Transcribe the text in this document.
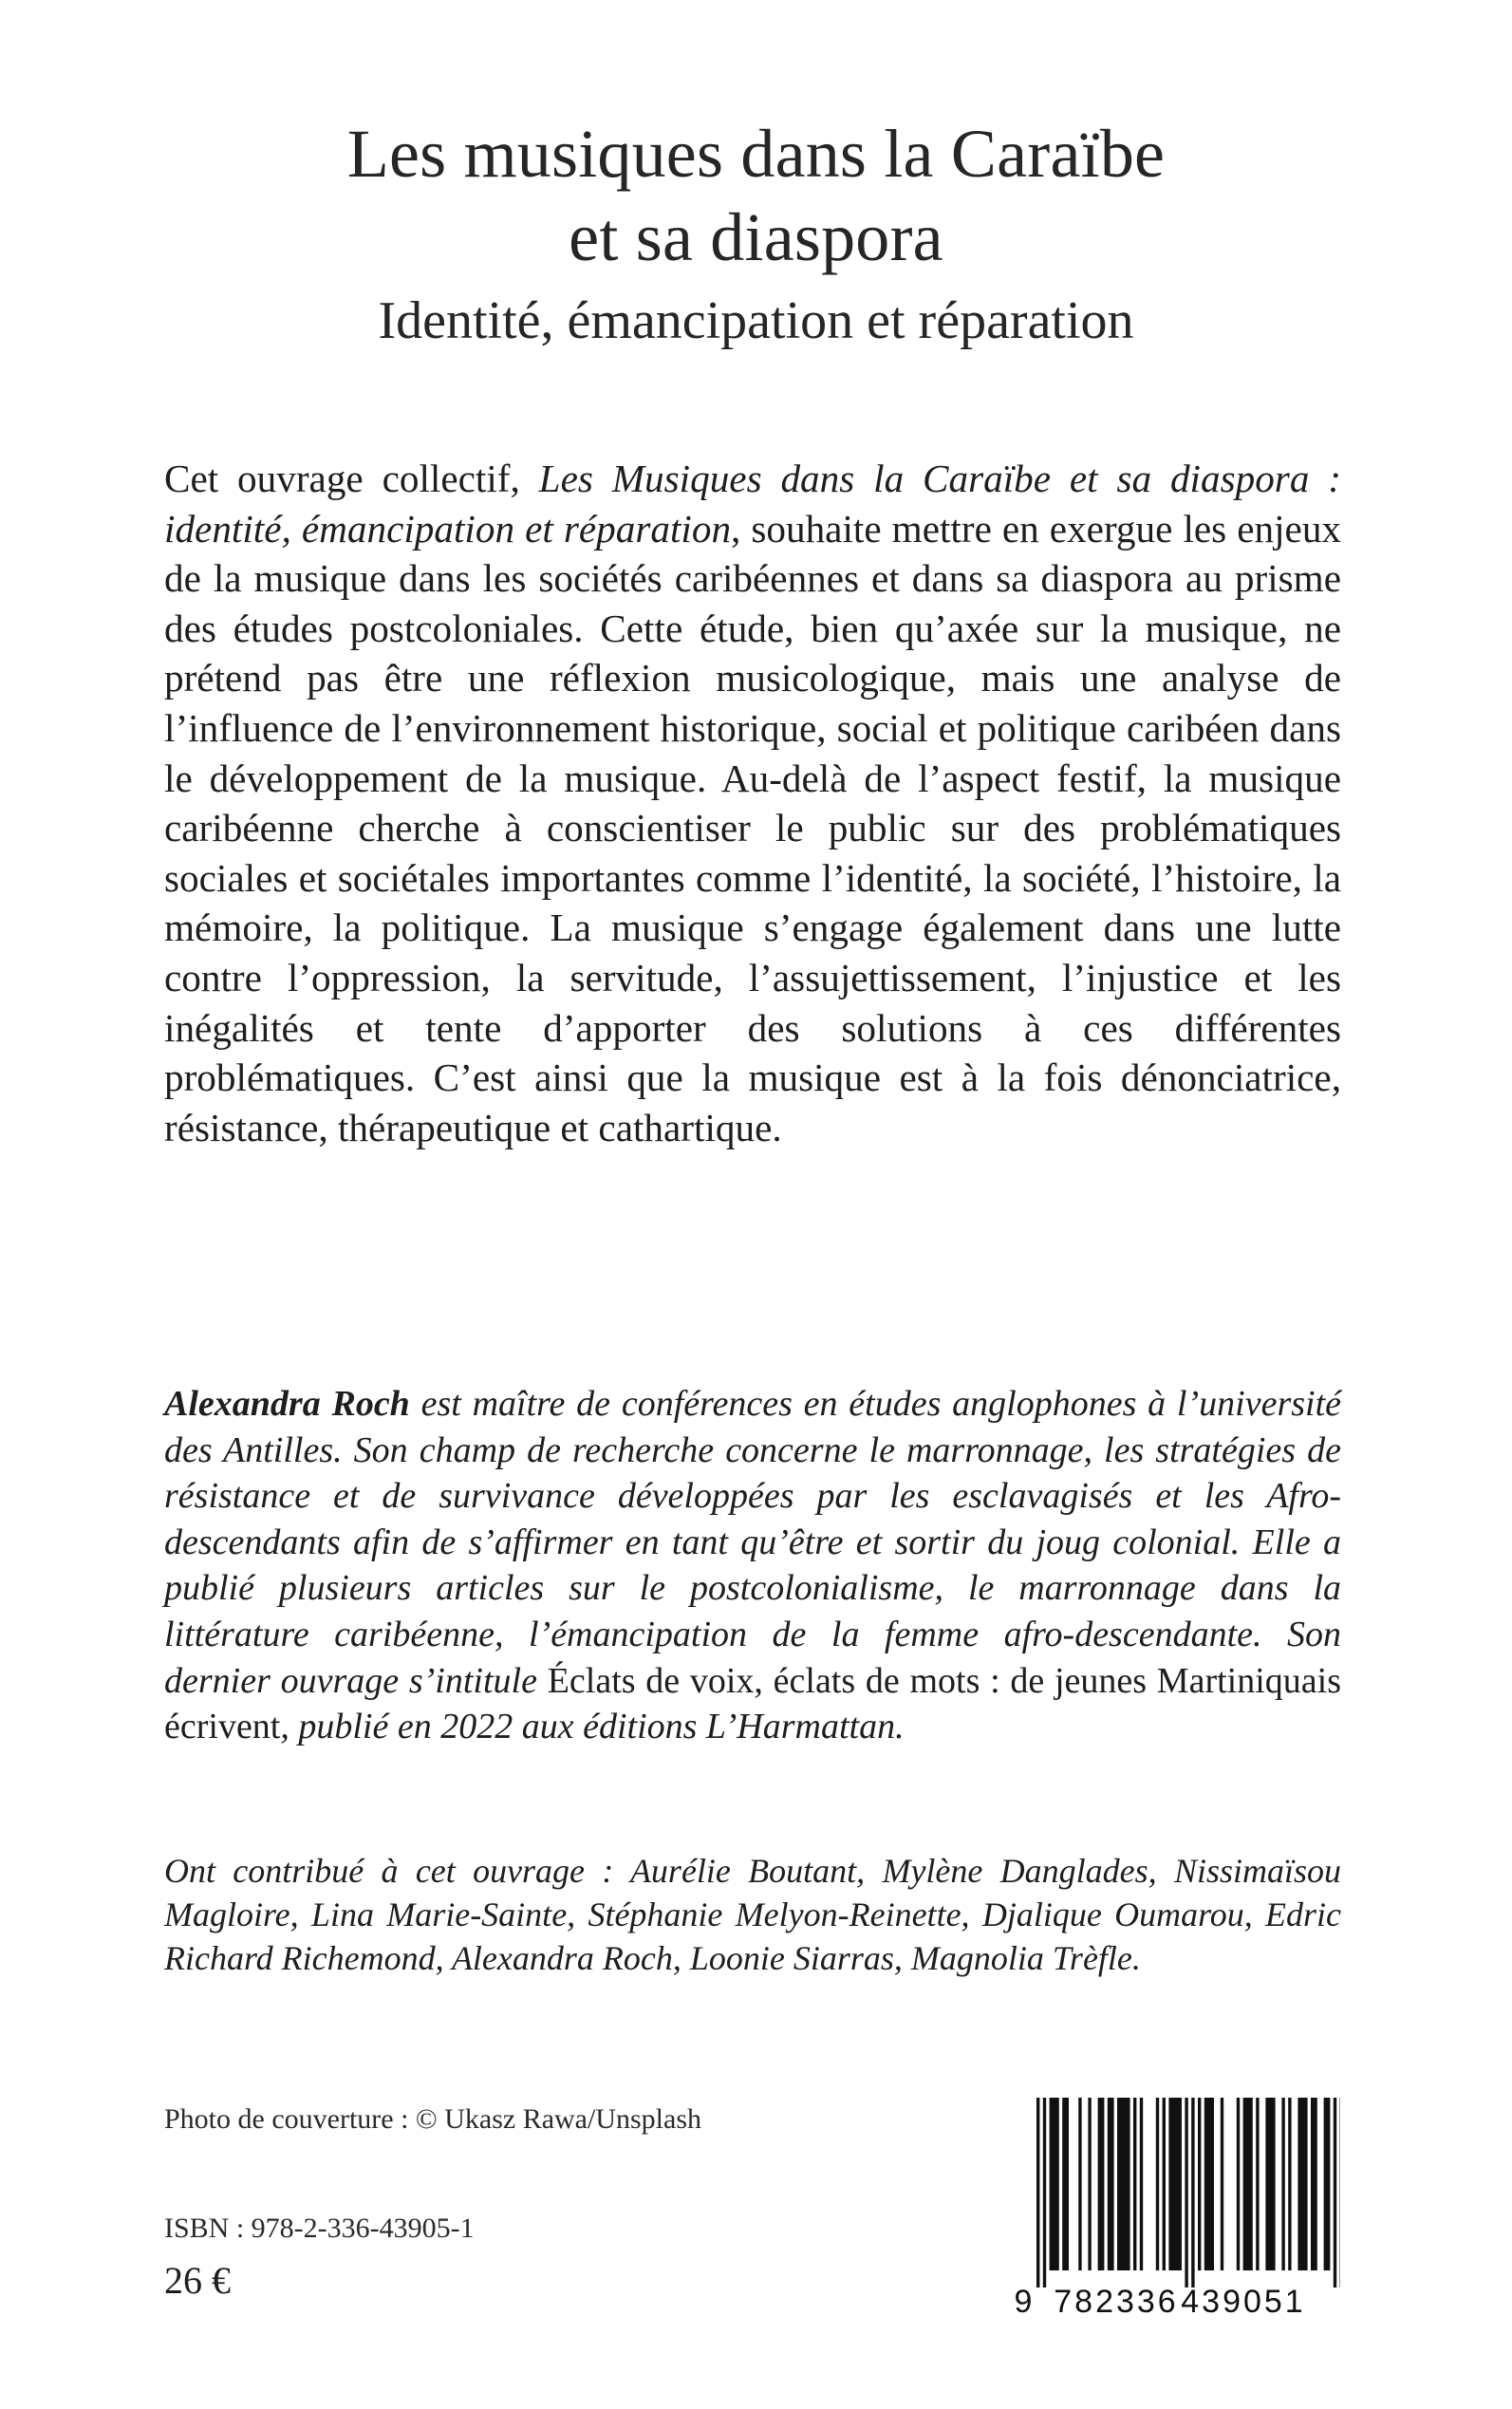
Les musiques dans la Caraïbe
et sa diaspora
Identité, émancipation et réparation
Cet ouvrage collectif, Les Musiques dans la Caraïbe et sa diaspora : identité, émancipation et réparation, souhaite mettre en exergue les enjeux de la musique dans les sociétés caribéennes et dans sa diaspora au prisme des études postcoloniales. Cette étude, bien qu’axée sur la musique, ne prétend pas être une réflexion musicologique, mais une analyse de l’influence de l’environnement historique, social et politique caribéen dans le développement de la musique. Au-delà de l’aspect festif, la musique caribéenne cherche à conscientiser le public sur des problématiques sociales et sociétales importantes comme l’identité, la société, l’histoire, la mémoire, la politique. La musique s’engage également dans une lutte contre l’oppression, la servitude, l’assujettissement, l’injustice et les inégalités et tente d’apporter des solutions à ces différentes problématiques. C’est ainsi que la musique est à la fois dénonciatrice, résistance, thérapeutique et cathartique.
Alexandra Roch est maître de conférences en études anglophones à l’université des Antilles. Son champ de recherche concerne le marronnage, les stratégies de résistance et de survivance développées par les esclavagisés et les Afro-descendants afin de s’affirmer en tant qu’être et sortir du joug colonial. Elle a publié plusieurs articles sur le postcolonialisme, le marronnage dans la littérature caribéenne, l’émancipation de la femme afro-descendante. Son dernier ouvrage s’intitule Éclats de voix, éclats de mots : de jeunes Martiniquais écrivent, publié en 2022 aux éditions L’Harmattan.
Ont contribué à cet ouvrage : Aurélie Boutant, Mylène Danglades, Nissimaïsou Magloire, Lina Marie-Sainte, Stéphanie Melyon-Reinette, Djalique Oumarou, Edric Richard Richemond, Alexandra Roch, Loonie Siarras, Magnolia Trèfle.
Photo de couverture : © Ukasz Rawa/Unsplash
ISBN : 978-2-336-43905-1
26 €	9 782336 439051
